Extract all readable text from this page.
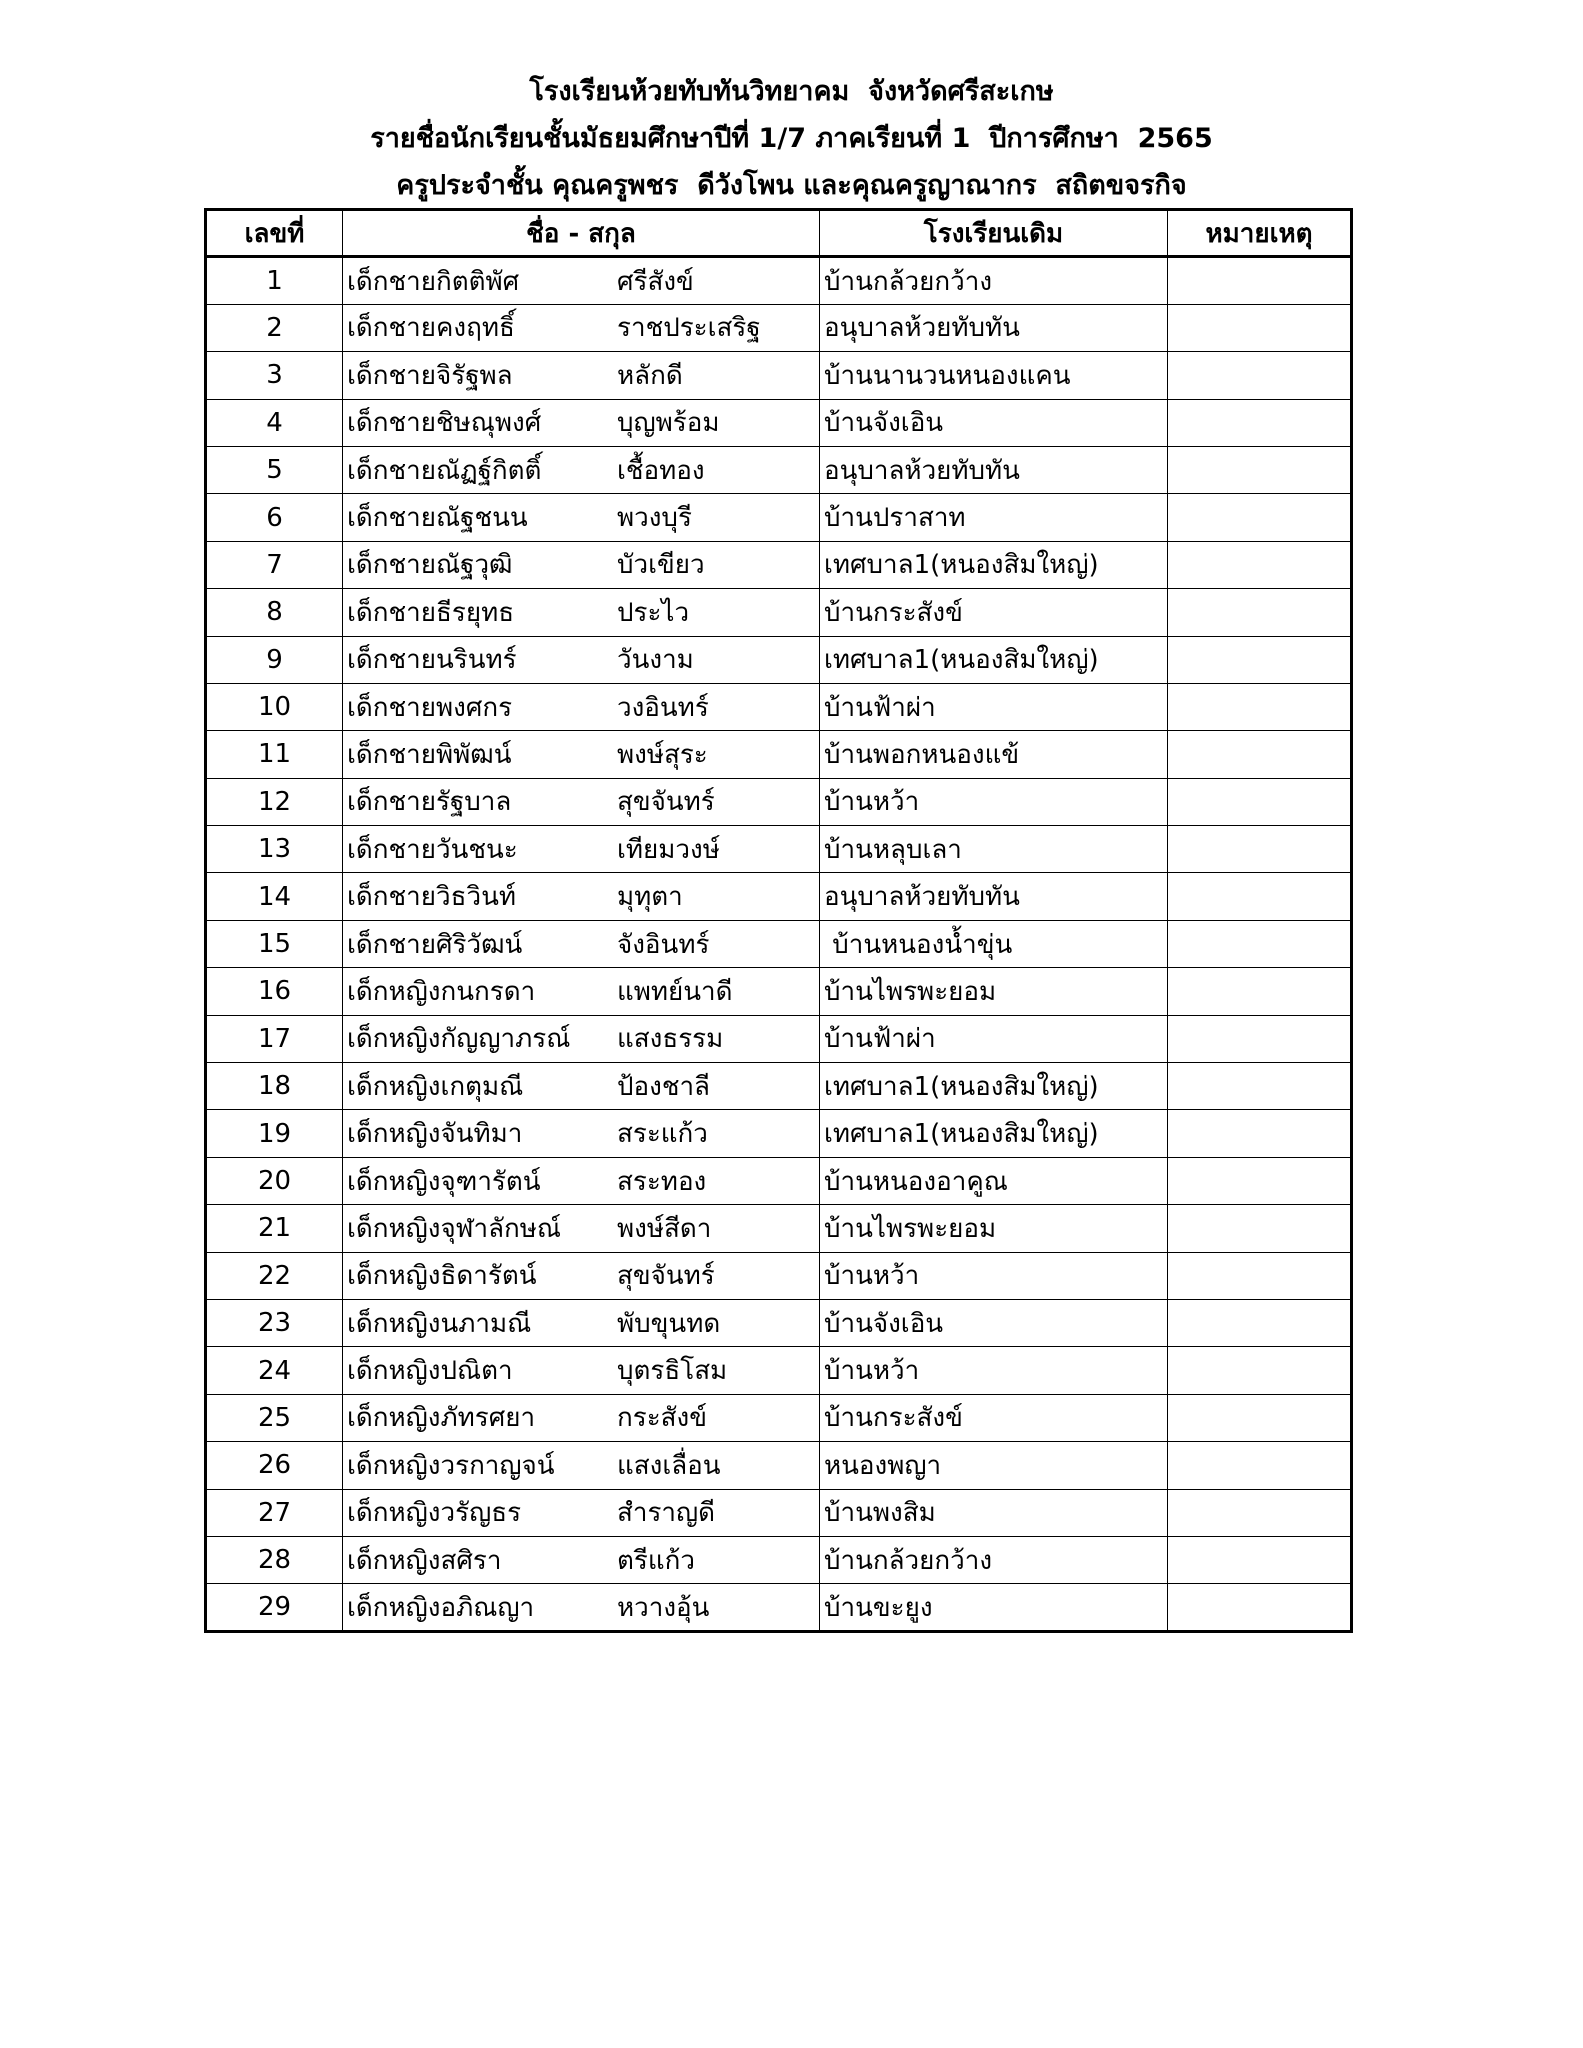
โรงเรียนห้วยทับทันวิทยาคม  จังหวัดศรีสะเกษ
รายชื่อนักเรียนชั้นมัธยมศึกษาปีที่ 1/7 ภาคเรียนที่ 1  ปีการศึกษา  2565
ครูประจำชั้น คุณครูพชร  ดีวังโพน และคุณครูญาณากร  สถิตขจรกิจ
เลขที่	ชื่อ - สกุล	โรงเรียนเดิม	หมายเหตุ
1	เด็กชายกิตติพัศ ศรีสังข์	บ้านกล้วยกว้าง	
2	เด็กชายคงฤทธิ์ ราชประเสริฐ	อนุบาลห้วยทับทัน	
3	เด็กชายจิรัฐพล หลักดี	บ้านนานวนหนองแคน	
4	เด็กชายชิษณุพงศ์ บุญพร้อม	บ้านจังเอิน	
5	เด็กชายณัฏฐ์กิตติ์ เชื้อทอง	อนุบาลห้วยทับทัน	
6	เด็กชายณัฐชนน พวงบุรี	บ้านปราสาท	
7	เด็กชายณัฐวุฒิ บัวเขียว	เทศบาล1(หนองสิมใหญ่)	
8	เด็กชายธีรยุทธ ประไว	บ้านกระสังข์	
9	เด็กชายนรินทร์ วันงาม	เทศบาล1(หนองสิมใหญ่)	
10	เด็กชายพงศกร วงอินทร์	บ้านฟ้าผ่า	
11	เด็กชายพิพัฒน์ พงษ์สุระ	บ้านพอกหนองแข้	
12	เด็กชายรัฐบาล สุขจันทร์	บ้านหว้า	
13	เด็กชายวันชนะ เทียมวงษ์	บ้านหลุบเลา	
14	เด็กชายวิธวินท์ มุทุตา	อนุบาลห้วยทับทัน	
15	เด็กชายศิริวัฒน์ จังอินทร์	บ้านหนองน้ำขุ่น	
16	เด็กหญิงกนกรดา แพทย์นาดี	บ้านไพรพะยอม	
17	เด็กหญิงกัญญาภรณ์ แสงธรรม	บ้านฟ้าผ่า	
18	เด็กหญิงเกตุมณี ป้องชาลี	เทศบาล1(หนองสิมใหญ่)	
19	เด็กหญิงจันทิมา สระแก้ว	เทศบาล1(หนองสิมใหญ่)	
20	เด็กหญิงจุฑารัตน์ สระทอง	บ้านหนองอาคูณ	
21	เด็กหญิงจุฬาลักษณ์ พงษ์สีดา	บ้านไพรพะยอม	
22	เด็กหญิงธิดารัตน์ สุขจันทร์	บ้านหว้า	
23	เด็กหญิงนภามณี พับขุนทด	บ้านจังเอิน	
24	เด็กหญิงปณิตา บุตรธิโสม	บ้านหว้า	
25	เด็กหญิงภัทรศยา กระสังข์	บ้านกระสังข์	
26	เด็กหญิงวรกาญจน์ แสงเลื่อน	หนองพญา	
27	เด็กหญิงวรัญธร สำราญดี	บ้านพงสิม	
28	เด็กหญิงสศิรา ตรีแก้ว	บ้านกล้วยกว้าง	
29	เด็กหญิงอภิณญา หวางอุ้น	บ้านขะยูง	
